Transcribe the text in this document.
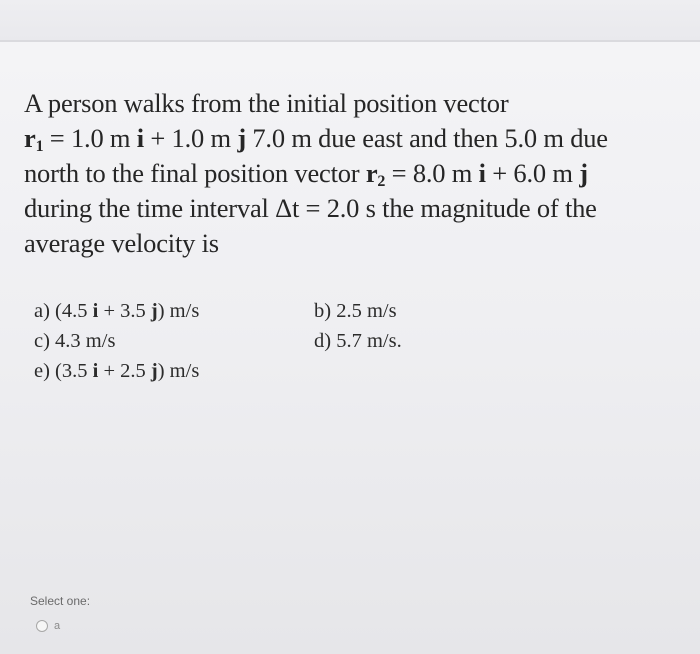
A person walks from the initial position vector
$r_1 = 1.0$ m i + 1.0 m j 7.0 m due east and then 5.0 m due
north to the final position vector $r_2 = 8.0$ m i + 6.0 m j
during the time interval Δt = 2.0 s the magnitude of the
average velocity is
a) (4.5 i + 3.5 j) m/s	b) 2.5 m/s
c) 4.3 m/s	d) 5.7 m/s.
e) (3.5 i + 2.5 j) m/s
Select one:
a
